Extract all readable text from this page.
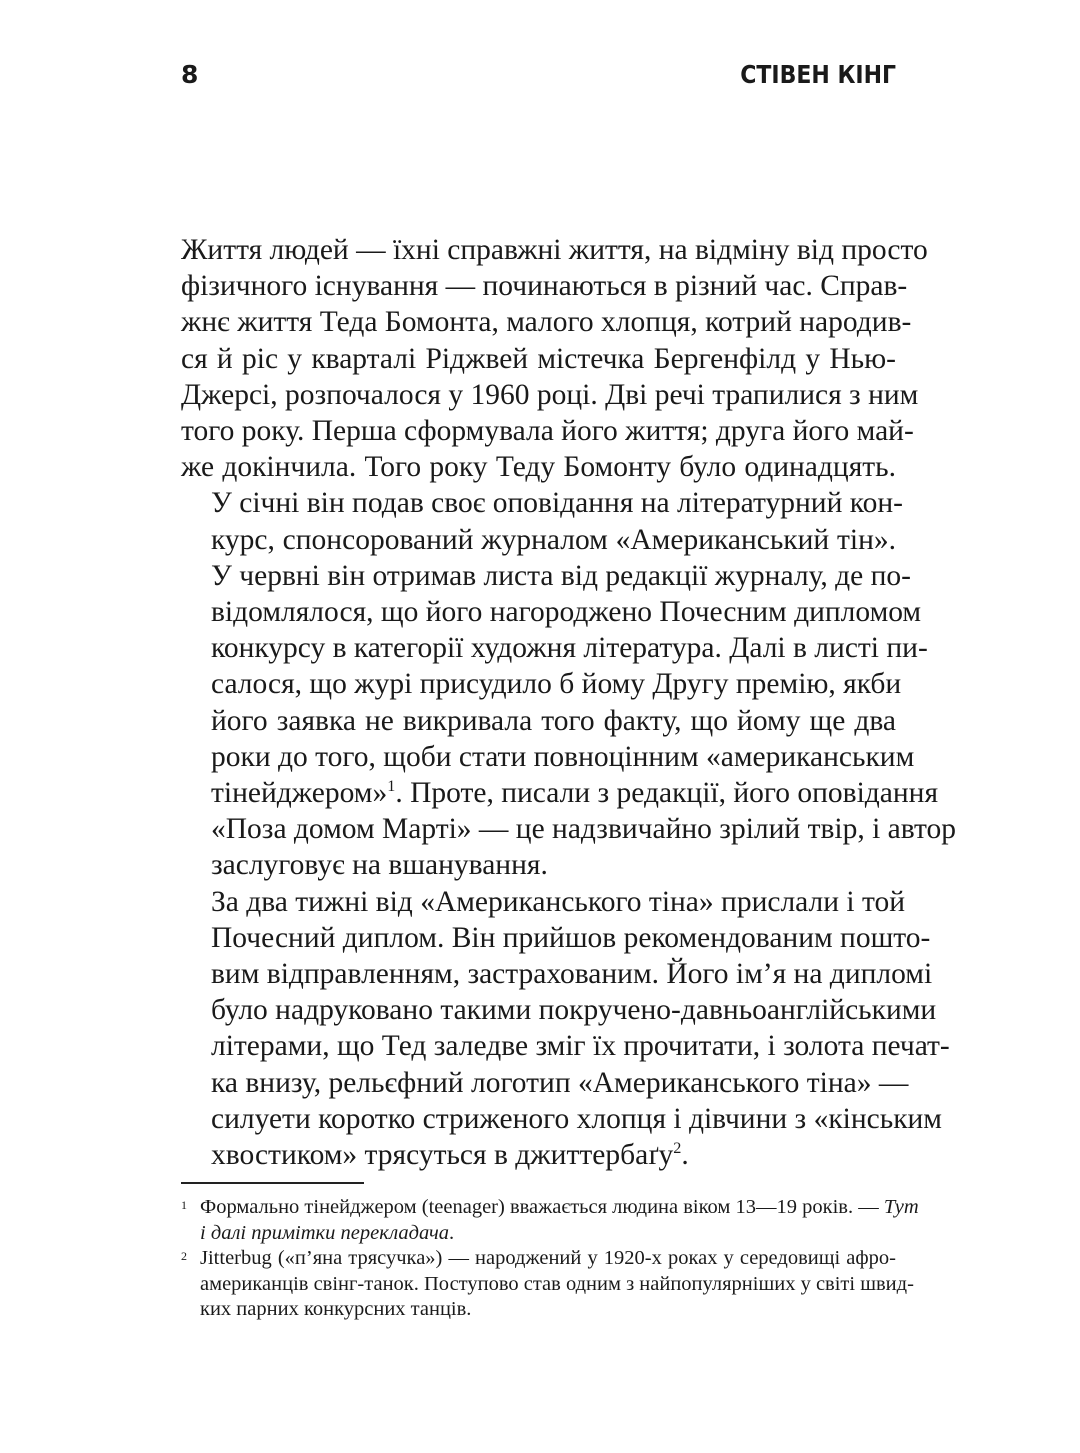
8	СТІВЕН КІНГ

Життя людей — їхні справжні життя, на відміну від просто
фізичного існування — починаються в різний час. Справ-
жнє життя Теда Бомонта, малого хлопця, котрий народив-
ся й ріс у кварталі Ріджвей містечка Бергенфілд у Нью-
Джерсі, розпочалося у 1960 році. Дві речі трапилися з ним
того року. Перша сформувала його життя; друга його май-
же докінчила. Того року Теду Бомонту було одинадцять.

У січні він подав своє оповідання на літературний кон-
курс, спонсорований журналом «Американський тін».
У червні він отримав листа від редакції журналу, де по-
відомлялося, що його нагороджено Почесним дипломом
конкурсу в категорії художня література. Далі в листі пи-
салося, що журі присудило б йому Другу премію, якби
його заявка не викривала того факту, що йому ще два
роки до того, щоби стати повноцінним «американським
тінейджером»$^1$. Проте, писали з редакції, його оповідання
«Поза домом Марті» — це надзвичайно зрілий твір, і автор
заслуговує на вшанування.

За два тижні від «Американського тіна» прислали і той
Почесний диплом. Він прийшов рекомендованим пошто-
вим відправленням, застрахованим. Його ім’я на дипломі
було надруковано такими покручено-давньоанглійськими
літерами, що Тед заледве зміг їх прочитати, і золота печат-
ка внизу, рельєфний логотип «Американського тіна» —
силуети коротко стриженого хлопця і дівчини з «кінським
хвостиком» трясуться в джиттербаґу$^2$.

1 Формально тінейджером (teenager) вважається людина віком 13—19 років. — Тут
і далі примітки перекладача.
2 Jitterbug («п’яна трясучка») — народжений у 1920-х роках у середовищі афро-
американців свінг-танок. Поступово став одним з найпопулярніших у світі швид-
ких парних конкурсних танців.
